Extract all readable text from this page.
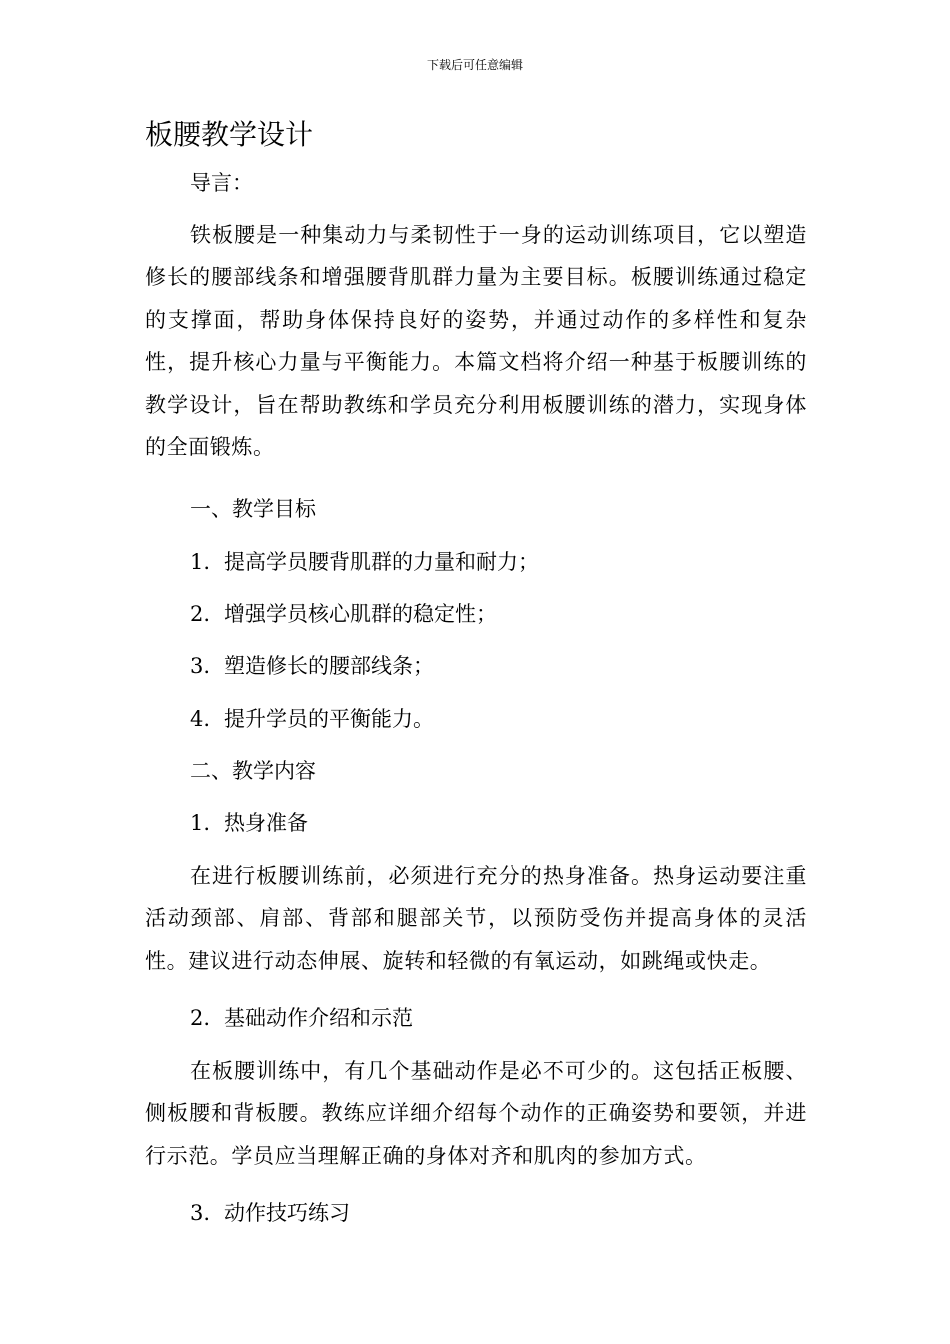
下载后可任意编辑
板腰教学设计
导言：

铁板腰是一种集动力与柔韧性于一身的运动训练项目，它以塑造修长的腰部线条和增强腰背肌群力量为主要目标。板腰训练通过稳定的支撑面，帮助身体保持良好的姿势，并通过动作的多样性和复杂性，提升核心力量与平衡能力。本篇文档将介绍一种基于板腰训练的教学设计，旨在帮助教练和学员充分利用板腰训练的潜力，实现身体的全面锻炼。

一、教学目标
1. 提高学员腰背肌群的力量和耐力；
2. 增强学员核心肌群的稳定性；
3. 塑造修长的腰部线条；
4. 提升学员的平衡能力。
二、教学内容
1. 热身准备

在进行板腰训练前，必须进行充分的热身准备。热身运动要注重活动颈部、肩部、背部和腿部关节，以预防受伤并提高身体的灵活性。建议进行动态伸展、旋转和轻微的有氧运动，如跳绳或快走。

2. 基础动作介绍和示范

在板腰训练中，有几个基础动作是必不可少的。这包括正板腰、侧板腰和背板腰。教练应详细介绍每个动作的正确姿势和要领，并进行示范。学员应当理解正确的身体对齐和肌肉的参加方式。

3. 动作技巧练习
